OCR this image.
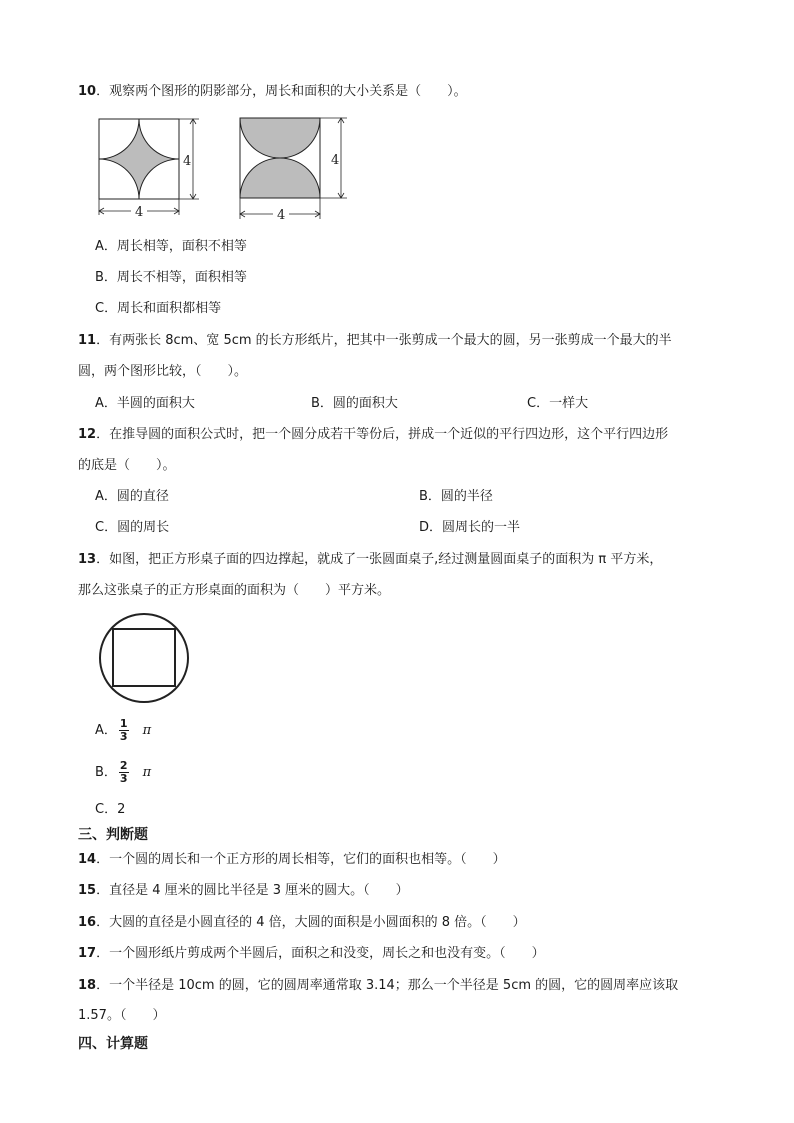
10．观察两个图形的阴影部分，周长和面积的大小关系是（　　）。
4
4
4
4
A．周长相等，面积不相等
B．周长不相等，面积相等
C．周长和面积都相等
11．有两张长 8cm、宽 5cm 的长方形纸片，把其中一张剪成一个最大的圆，另一张剪成一个最大的半
圆，两个图形比较，（　　）。
A．半圆的面积大	B．圆的面积大	C．一样大
12．在推导圆的面积公式时，把一个圆分成若干等份后，拼成一个近似的平行四边形，这个平行四边形
的底是（　　）。
A．圆的直径	B．圆的半径
C．圆的周长	D．圆周长的一半
13．如图，把正方形桌子面的四边撑起，就成了一张圆面桌子,经过测量圆面桌子的面积为 π 平方米，
那么这张桌子的正方形桌面的面积为（　　）平方米。
A． $\frac{1}{3}$ π
B． $\frac{2}{3}$ π
C．2
三、判断题
14．一个圆的周长和一个正方形的周长相等，它们的面积也相等。（　　）
15．直径是 4 厘米的圆比半径是 3 厘米的圆大。（　　）
16．大圆的直径是小圆直径的 4 倍，大圆的面积是小圆面积的 8 倍。（　　）
17．一个圆形纸片剪成两个半圆后，面积之和没变，周长之和也没有变。（　　）
18．一个半径是 10cm 的圆，它的圆周率通常取 3.14；那么一个半径是 5cm 的圆，它的圆周率应该取
1.57。（　　）
四、计算题
